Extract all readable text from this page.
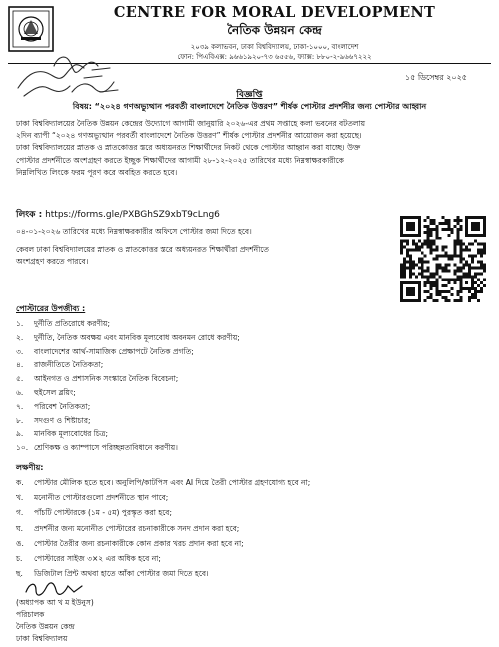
CENTRE FOR MORAL DEVELOPMENT
নৈতিক উন্নয়ন কেন্দ্র
২০৩৯ কলাভবন, ঢাকা বিশ্ববিদ্যালয়, ঢাকা-১০০০, বাংলাদেশ
ফোন: পিএবিএক্স: ৯৬৬১৯২০-৭৩ ৬৫৫৬, ফ্যাক্স: ৮৮০-২-৯৬৬৭২২২
১৫ ডিসেম্বর ২০২৫
বিজ্ঞপ্তি
বিষয়: “২০২৪ গণঅভ্যুত্থান পরবর্তী বাংলাদেশে নৈতিক উত্তরণ” শীর্ষক পোস্টার প্রদর্শনীর জন্য পোস্টার আহ্বান
ঢাকা বিশ্ববিদ্যালয়ের নৈতিক উন্নয়ন কেন্দ্রের উদ্যোগে আগামী জানুয়ারি ২০২৬-এর প্রথম সপ্তাহে কলা ভবনের বটতলায়
২দিন ব্যাপী “২০২৪ গণঅভ্যুত্থান পরবর্তী বাংলাদেশে নৈতিক উত্তরণ” শীর্ষক পোস্টার প্রদর্শনীর আয়োজন করা হয়েছে।
ঢাকা বিশ্ববিদ্যালয়ের স্নাতক ও স্নাতকোত্তর স্তরে অধ্যয়নরত শিক্ষার্থীদের নিকট থেকে পোস্টার আহ্বান করা যাচ্ছে। উক্ত
পোস্টার প্রদর্শনীতে অংশগ্রহণ করতে ইচ্ছুক শিক্ষার্থীদের আগামী ২৮-১২-২০২৫ তারিখের মধ্যে নিম্নস্বাক্ষরকারীকে
নিম্নলিখিত লিংকে ফরম পূরণ করে অবহিত করতে হবে।
লিংক : https://forms.gle/PXBGhSZ9xbT9cLng6
০৪-০১-২০২৬ তারিখের মধ্যে নিম্নস্বাক্ষরকারীর অফিসে পোস্টার জমা দিতে হবে।
কেবল ঢাকা বিশ্ববিদ্যালয়ের স্নাতক ও স্নাতকোত্তর স্তরে অধ্যয়নরত শিক্ষার্থীরা প্রদর্শনীতে
অংশগ্রহণ করতে পারবে।
পোস্টারের উপজীব্য :
১. দুর্নীতি প্রতিরোধে করণীয়;
২. দুর্নীতি, নৈতিক অবক্ষয় এবং মানবিক মূল্যবোধ অবনমন রোধে করণীয়;
৩. বাংলাদেশের আর্থ-সামাজিক প্রেক্ষাপটে নৈতিক প্রগতি;
৪. রাজনীতিতে নৈতিকতা;
৫. আইনগত ও প্রশাসনিক সংস্কারে নৈতিক বিবেচনা;
৬. হুইসেল ব্লয়িং;
৭. পরিবেশ নৈতিকতা;
৮. সদগুণ ও শিষ্টাচার;
৯. মানবিক মূল্যবোধের চিত্র;
১০. শ্রেণিকক্ষ ও ক্যাম্পাসে পরিচ্ছন্নতাবিধানে করণীয়।
লক্ষণীয়:
ক. পোস্টার মৌলিক হতে হবে। অনুলিপি/কাটপিস এবং AI দিয়ে তৈরী পোস্টার গ্রহণযোগ্য হবে না;
খ. মনোনীত পোস্টারগুলো প্রদর্শনীতে স্থান পাবে;
গ. পাঁচটি পোস্টারকে (১ম - ৫ম) পুরস্কৃত করা হবে;
ঘ. প্রদর্শনীর জন্য মনোনীত পোস্টারের রচনাকারীকে সনদ প্রদান করা হবে;
ঙ. পোস্টার তৈরীর জন্য রচনাকারীকে কোন প্রকার খরচ প্রদান করা হবে না;
চ. পোস্টারের সাইজ ৩×২ এর অধিক হবে না;
ছ. ডিজিটাল প্রিন্ট অথবা হাতে আঁকা পোস্টার জমা দিতে হবে।
(অধ্যাপক আ খ ম ইউনুস)
পরিচালক
নৈতিক উন্নয়ন কেন্দ্র
ঢাকা বিশ্ববিদ্যালয়
